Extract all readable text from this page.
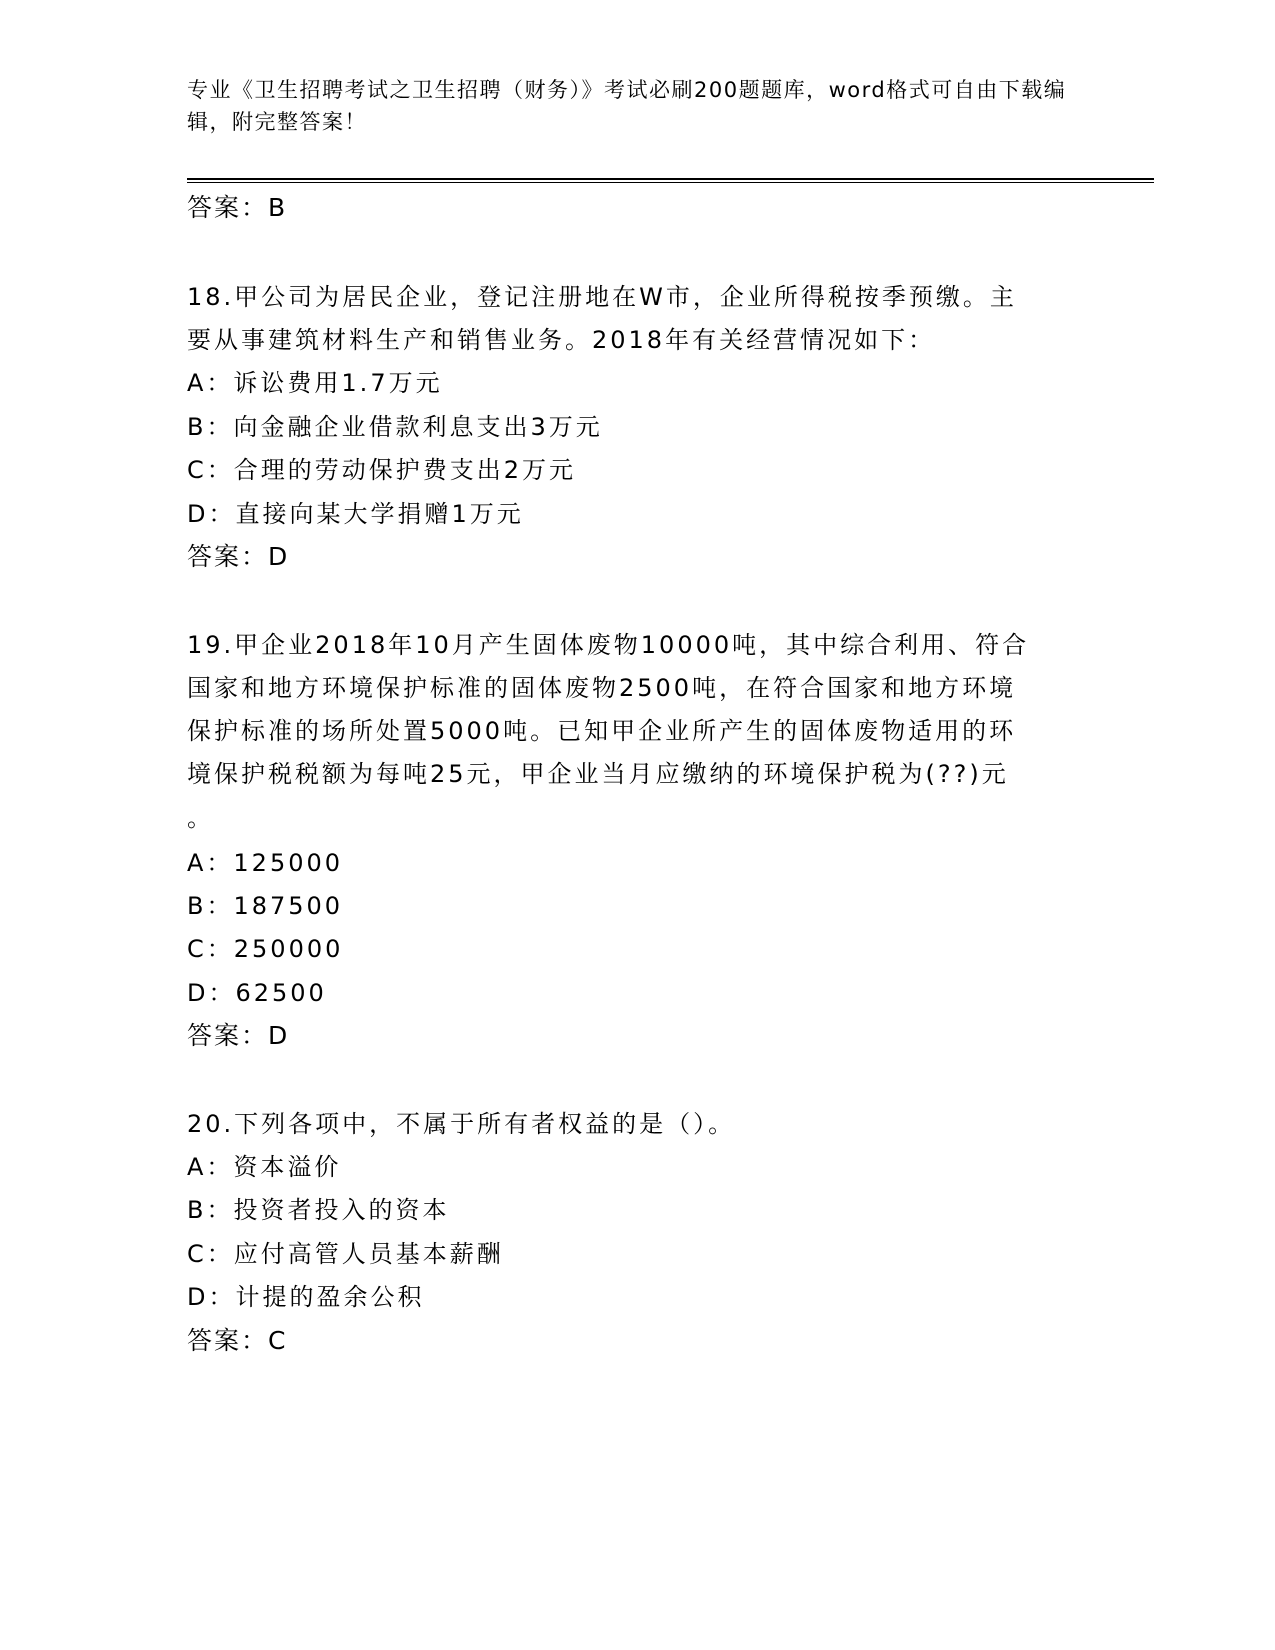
专业《卫生招聘考试之卫生招聘（财务）》考试必刷200题题库，word格式可自由下载编辑，附完整答案！
答案：B
18.甲公司为居民企业，登记注册地在W市，企业所得税按季预缴。主
要从事建筑材料生产和销售业务。2018年有关经营情况如下：
A：诉讼费用1.7万元
B：向金融企业借款利息支出3万元
C：合理的劳动保护费支出2万元
D：直接向某大学捐赠1万元
答案：D
19.甲企业2018年10月产生固体废物10000吨，其中综合利用、符合
国家和地方环境保护标准的固体废物2500吨，在符合国家和地方环境
保护标准的场所处置5000吨。已知甲企业所产生的固体废物适用的环
境保护税税额为每吨25元，甲企业当月应缴纳的环境保护税为(??)元
。
A：125000
B：187500
C：250000
D：62500
答案：D
20.下列各项中，不属于所有者权益的是（）。
A：资本溢价
B：投资者投入的资本
C：应付高管人员基本薪酬
D：计提的盈余公积
答案：C
